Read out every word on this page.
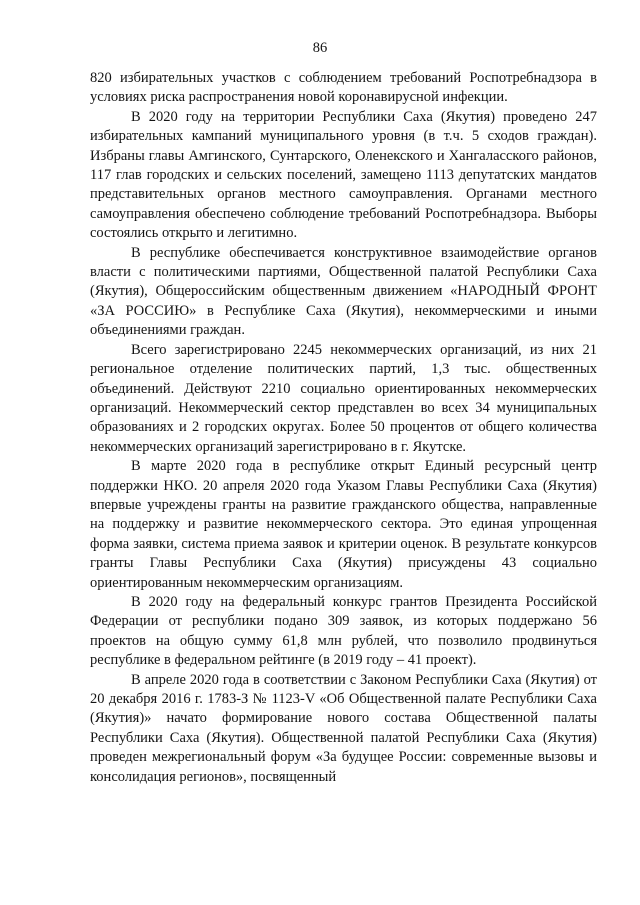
86

820 избирательных участков с соблюдением требований Роспотребнадзора в условиях риска распространения новой коронавирусной инфекции.

В 2020 году на территории Республики Саха (Якутия) проведено 247 избирательных кампаний муниципального уровня (в т.ч. 5 сходов граждан). Избраны главы Амгинского, Сунтарского, Оленекского и Хангаласского районов, 117 глав городских и сельских поселений, замещено 1113 депутатских мандатов представительных органов местного самоуправления. Органами местного самоуправления обеспечено соблюдение требований Роспотребнадзора. Выборы состоялись открыто и легитимно.

В республике обеспечивается конструктивное взаимодействие органов власти с политическими партиями, Общественной палатой Республики Саха (Якутия), Общероссийским общественным движением «НАРОДНЫЙ ФРОНТ «ЗА РОССИЮ» в Республике Саха (Якутия), некоммерческими и иными объединениями граждан.

Всего зарегистрировано 2245 некоммерческих организаций, из них 21 региональное отделение политических партий, 1,3 тыс. общественных объединений. Действуют 2210 социально ориентированных некоммерческих организаций. Некоммерческий сектор представлен во всех 34 муниципальных образованиях и 2 городских округах. Более 50 процентов от общего количества некоммерческих организаций зарегистрировано в г. Якутске.

В марте 2020 года в республике открыт Единый ресурсный центр поддержки НКО. 20 апреля 2020 года Указом Главы Республики Саха (Якутия) впервые учреждены гранты на развитие гражданского общества, направленные на поддержку и развитие некоммерческого сектора. Это единая упрощенная форма заявки, система приема заявок и критерии оценок. В результате конкурсов гранты Главы Республики Саха (Якутия) присуждены 43 социально ориентированным некоммерческим организациям.

В 2020 году на федеральный конкурс грантов Президента Российской Федерации от республики подано 309 заявок, из которых поддержано 56 проектов на общую сумму 61,8 млн рублей, что позволило продвинуться республике в федеральном рейтинге (в 2019 году – 41 проект).

В апреле 2020 года в соответствии с Законом Республики Саха (Якутия) от 20 декабря 2016 г. 1783-З № 1123-V «Об Общественной палате Республики Саха (Якутия)» начато формирование нового состава Общественной палаты Республики Саха (Якутия). Общественной палатой Республики Саха (Якутия) проведен межрегиональный форум «За будущее России: современные вызовы и консолидация регионов», посвященный
